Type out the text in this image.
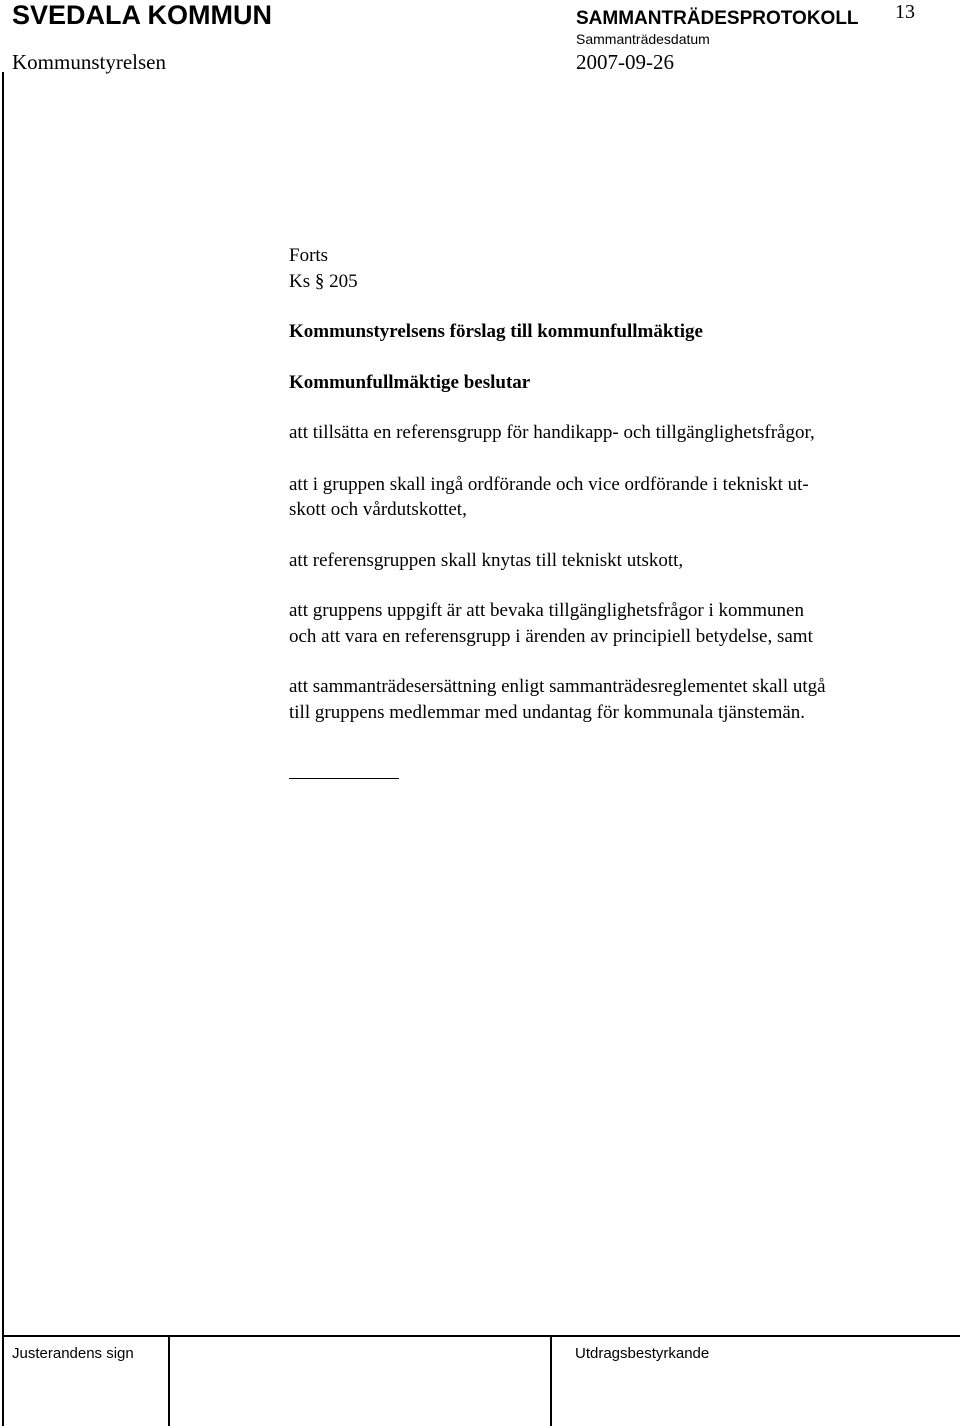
SVEDALA KOMMUN	SAMMANTRÄDESPROTOKOLL 13
Kommunstyrelsen
Sammanträdesdatum
2007-09-26

Forts

Ks § 205

Kommunstyrelsens förslag till kommunfullmäktige

Kommunfullmäktige beslutar

att tillsätta en referensgrupp för handikapp- och tillgänglighetsfrågor,

att i gruppen skall ingå ordförande och vice ordförande i tekniskt ut-

skott och vårdutskottet,

att referensgruppen skall knytas till tekniskt utskott,

att gruppens uppgift är att bevaka tillgänglighetsfrågor i kommunen

och att vara en referensgrupp i ärenden av principiell betydelse, samt

att sammanträdesersättning enligt sammanträdesreglementet skall utgå

till gruppens medlemmar med undantag för kommunala tjänstemän.

Justerandens sign	Utdragsbestyrkande
